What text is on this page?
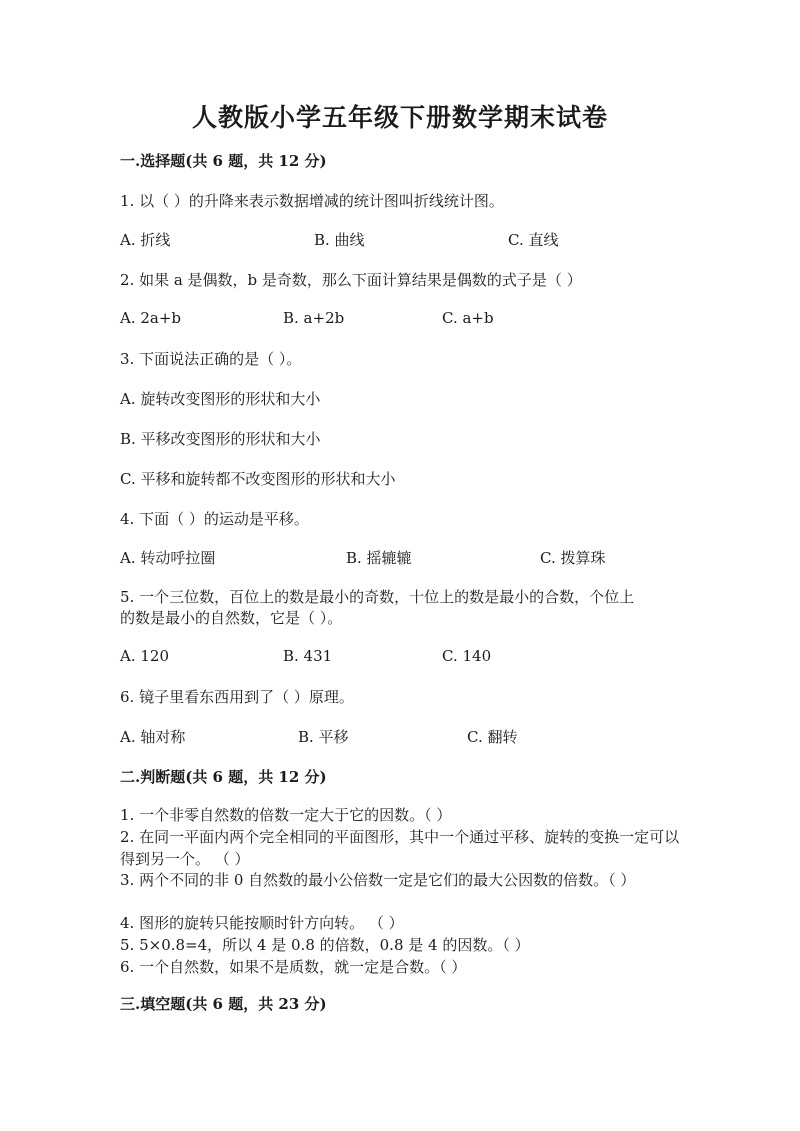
人教版小学五年级下册数学期末试卷
一.选择题(共 6 题，共 12 分)
1. 以（ ）的升降来表示数据增减的统计图叫折线统计图。
A. 折线	B. 曲线	C. 直线
2. 如果 a 是偶数，b 是奇数，那么下面计算结果是偶数的式子是（ ）
A. 2a+b	B. a+2b	C. a+b
3. 下面说法正确的是（ ）。
A. 旋转改变图形的形状和大小
B. 平移改变图形的形状和大小
C. 平移和旋转都不改变图形的形状和大小
4. 下面（ ）的运动是平移。
A. 转动呼拉圈	B. 摇辘辘	C. 拨算珠
5. 一个三位数，百位上的数是最小的奇数，十位上的数是最小的合数，个位上
的数是最小的自然数，它是（ ）。
A. 120	B. 431	C. 140
6. 镜子里看东西用到了（ ）原理。
A. 轴对称	B. 平移	C. 翻转
二.判断题(共 6 题，共 12 分)
1. 一个非零自然数的倍数一定大于它的因数。（ ）
2. 在同一平面内两个完全相同的平面图形，其中一个通过平移、旋转的变换一定可以得到另一个。 （ ）
3. 两个不同的非 0 自然数的最小公倍数一定是它们的最大公因数的倍数。（ ）
4. 图形的旋转只能按顺时针方向转。 （ ）
5. 5×0.8=4，所以 4 是 0.8 的倍数，0.8 是 4 的因数。（ ）
6. 一个自然数，如果不是质数，就一定是合数。（ ）
三.填空题(共 6 题，共 23 分)
